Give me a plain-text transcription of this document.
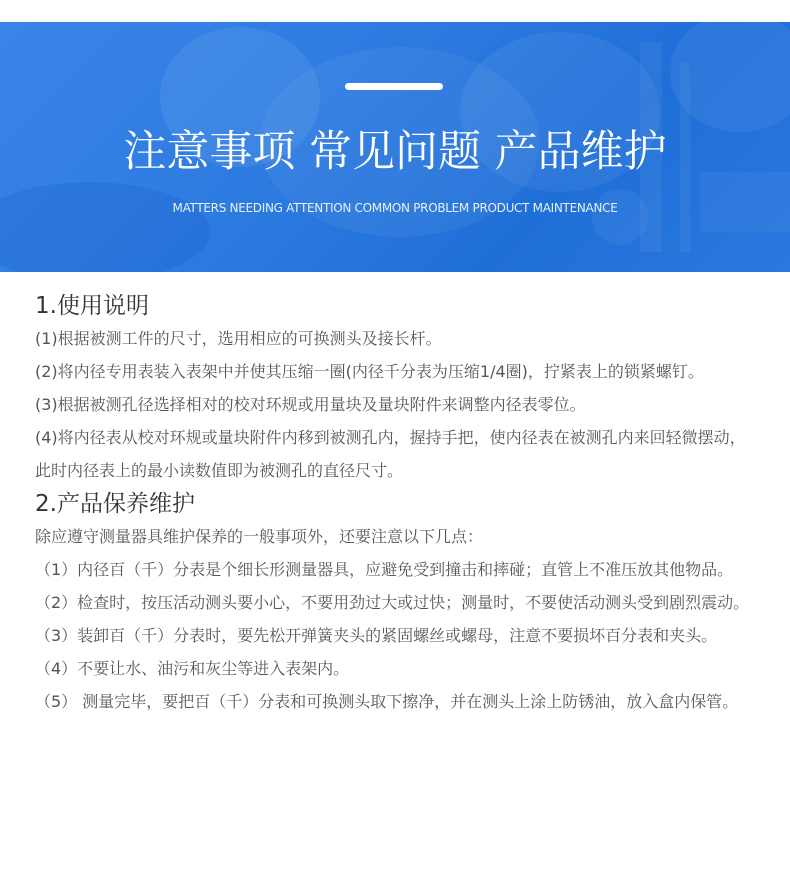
注意事项 常见问题 产品维护
MATTERS NEEDING ATTENTION COMMON PROBLEM PRODUCT MAINTENANCE
1.使用说明

(1)根据被测工件的尺寸，选用相应的可换测头及接长杆。

(2)将内径专用表装入表架中并使其压缩一圈(内径千分表为压缩1/4圈)，拧紧表上的锁紧螺钉。

(3)根据被测孔径选择相对的校对环规或用量块及量块附件来调整内径表零位。

(4)将内径表从校对环规或量块附件内移到被测孔内，握持手把，使内径表在被测孔内来回轻微摆动，此时内径表上的最小读数值即为被测孔的直径尺寸。

2.产品保养维护

除应遵守测量器具维护保养的一般事项外，还要注意以下几点：

（1）内径百（千）分表是个细长形测量器具，应避免受到撞击和摔碰；直管上不准压放其他物品。

（2）检查时，按压活动测头要小心，不要用劲过大或过快；测量时，不要使活动测头受到剧烈震动。

（3）装卸百（千）分表时，要先松开弹簧夹头的紧固螺丝或螺母，注意不要损坏百分表和夹头。

（4）不要让水、油污和灰尘等进入表架内。

（5） 测量完毕，要把百（千）分表和可换测头取下擦净，并在测头上涂上防锈油，放入盒内保管。
